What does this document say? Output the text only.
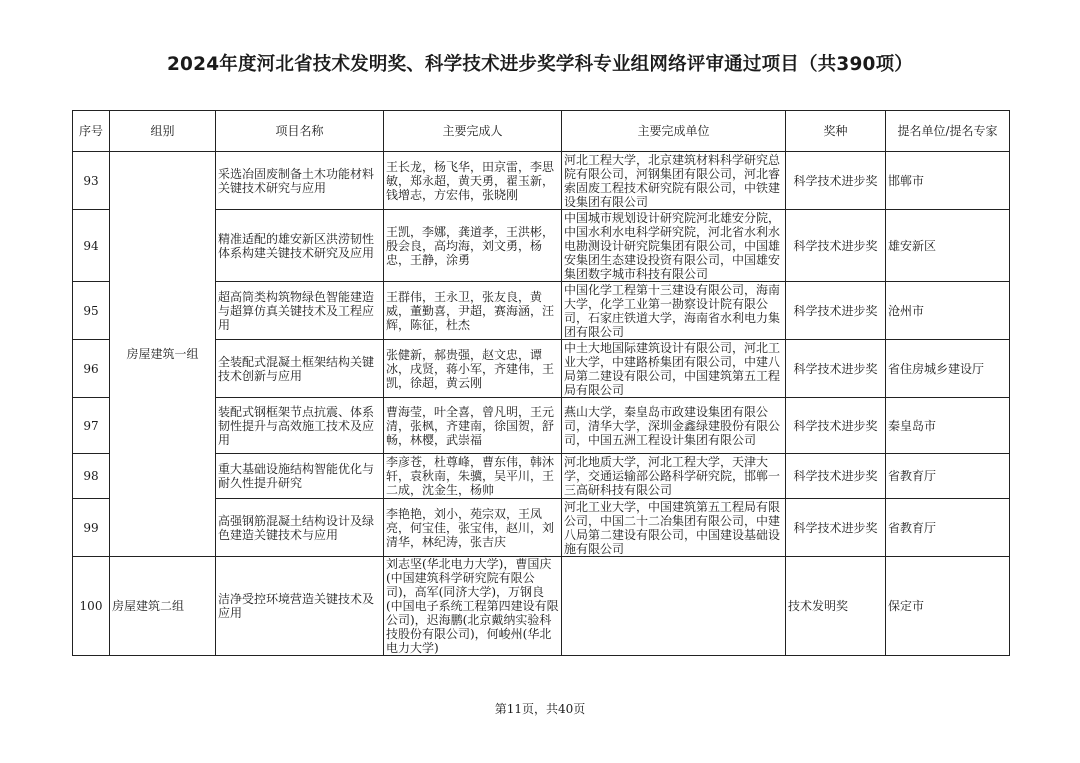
2024年度河北省技术发明奖、科学技术进步奖学科专业组网络评审通过项目（共390项）
序号	组别	项目名称	主要完成人	主要完成单位	奖种	提名单位/提名专家
93	房屋建筑一组	采选冶固废制备土木功能材料关键技术研究与应用	王长龙，杨飞华，田京雷，李思敏，郑永超，黄天勇，翟玉新，钱增志，方宏伟，张晓刚	河北工程大学，北京建筑材料科学研究总院有限公司，河钢集团有限公司，河北睿索固废工程技术研究院有限公司，中铁建设集团有限公司	科学技术进步奖	邯郸市
94		精准适配的雄安新区洪涝韧性体系构建关键技术研究及应用	王凯，李娜，龚道孝，王洪彬，殷会良，高均海，刘文勇，杨忠，王静，涂勇	中国城市规划设计研究院河北雄安分院，中国水利水电科学研究院，河北省水利水电勘测设计研究院集团有限公司，中国雄安集团生态建设投资有限公司，中国雄安集团数字城市科技有限公司	科学技术进步奖	雄安新区
95		超高筒类构筑物绿色智能建造与超算仿真关键技术及工程应用	王群伟，王永卫，张友良，黄威，董勤喜，尹超，赛海涵，汪辉，陈征，杜杰	中国化学工程第十三建设有限公司，海南大学，化学工业第一勘察设计院有限公司，石家庄铁道大学，海南省水利电力集团有限公司	科学技术进步奖	沧州市
96		全装配式混凝土框架结构关键技术创新与应用	张健新，郝贵强，赵文忠，谭冰，戌贤，蒋小军，齐建伟，王凯，徐超，黄云刚	中土大地国际建筑设计有限公司，河北工业大学，中建路桥集团有限公司，中建八局第二建设有限公司，中国建筑第五工程局有限公司	科学技术进步奖	省住房城乡建设厅
97		装配式钢框架节点抗震、体系韧性提升与高效施工技术及应用	曹海莹，叶全喜，曾凡明，王元清，张枫，齐建南，徐国贺，舒畅，林樱，武崇福	燕山大学，秦皇岛市政建设集团有限公司，清华大学，深圳金鑫绿建股份有限公司，中国五洲工程设计集团有限公司	科学技术进步奖	秦皇岛市
98		重大基础设施结构智能优化与耐久性提升研究	李彦苍，杜尊峰，曹东伟，韩沐轩，袁秋南，朱骥，吴平川，王二成，沈金生，杨帅	河北地质大学，河北工程大学，天津大学，交通运输部公路科学研究院，邯郸一三高研科技有限公司	科学技术进步奖	省教育厅
99		高强钢筋混凝土结构设计及绿色建造关键技术与应用	李艳艳，刘小，苑宗双，王凤亮，何宝佳，张宝伟，赵川，刘清华，林纪涛，张吉庆	河北工业大学，中国建筑第五工程局有限公司，中国二十二冶集团有限公司，中建八局第二建设有限公司，中国建设基础设施有限公司	科学技术进步奖	省教育厅
100	房屋建筑二组	洁净受控环境营造关键技术及应用	刘志坚(华北电力大学)，曹国庆(中国建筑科学研究院有限公司)，高军(同济大学)，万钢良(中国电子系统工程第四建设有限公司)，迟海鹏(北京戴纳实验科技股份有限公司)，何峻州(华北电力大学)		技术发明奖	保定市
第11页，共40页
